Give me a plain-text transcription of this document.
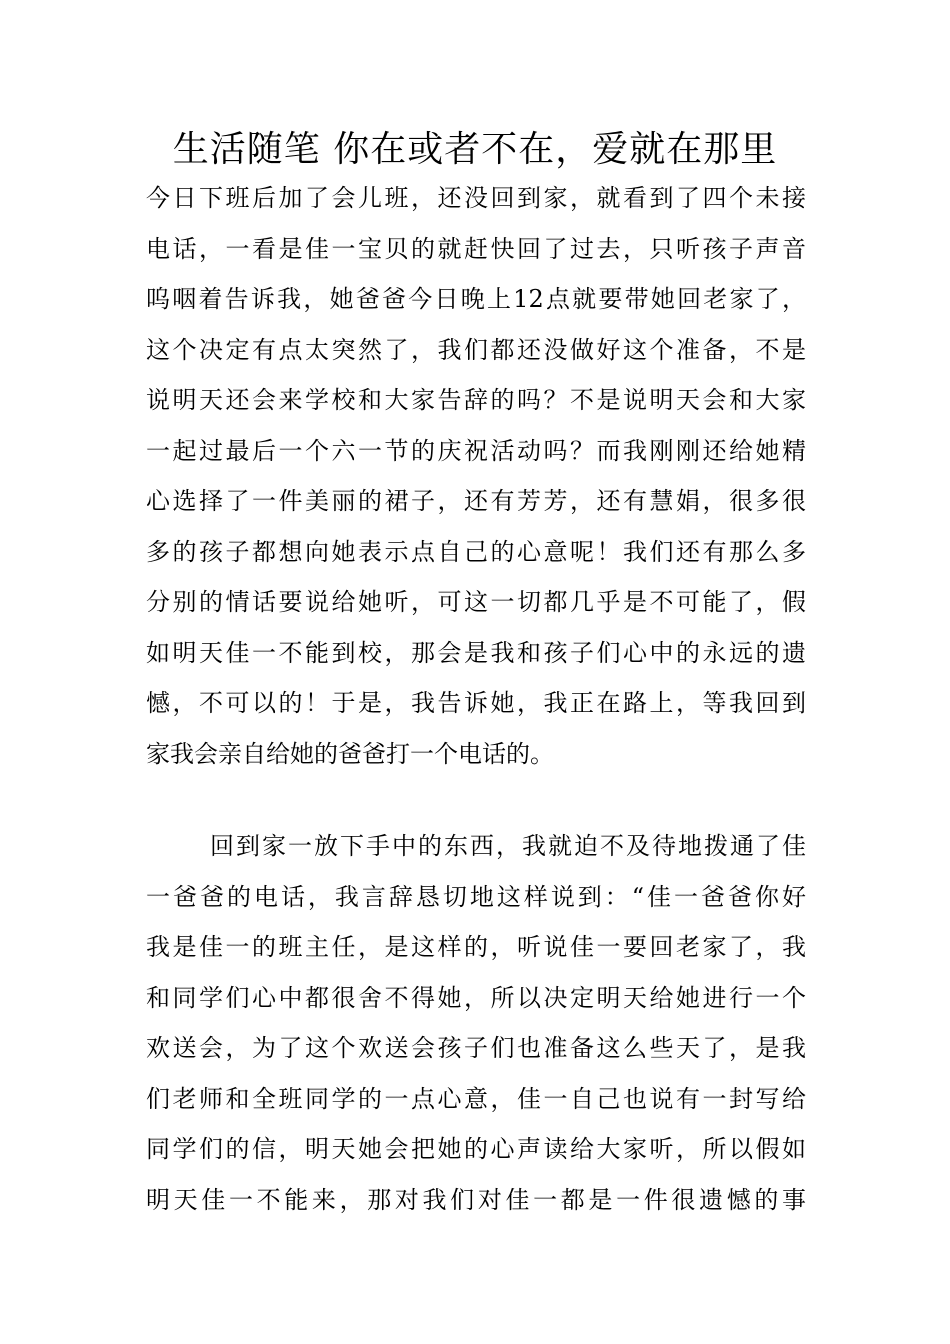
生活随笔 你在或者不在，爱就在那里
今日下班后加了会儿班，还没回到家，就看到了四个未接
电话，一看是佳一宝贝的就赶快回了过去，只听孩子声音
呜咽着告诉我，她爸爸今日晚上12点就要带她回老家了，
这个决定有点太突然了，我们都还没做好这个准备，不是
说明天还会来学校和大家告辞的吗？不是说明天会和大家
一起过最后一个六一节的庆祝活动吗？而我刚刚还给她精
心选择了一件美丽的裙子，还有芳芳，还有慧娟，很多很
多的孩子都想向她表示点自己的心意呢！我们还有那么多
分别的情话要说给她听，可这一切都几乎是不可能了，假
如明天佳一不能到校，那会是我和孩子们心中的永远的遗
憾，不可以的！于是，我告诉她，我正在路上，等我回到
家我会亲自给她的爸爸打一个电话的。
回到家一放下手中的东西，我就迫不及待地拨通了佳
一爸爸的电话，我言辞恳切地这样说到：“佳一爸爸你好
我是佳一的班主任，是这样的，听说佳一要回老家了，我
和同学们心中都很舍不得她，所以决定明天给她进行一个
欢送会，为了这个欢送会孩子们也准备这么些天了，是我
们老师和全班同学的一点心意，佳一自己也说有一封写给
同学们的信，明天她会把她的心声读给大家听，所以假如
明天佳一不能来，那对我们对佳一都是一件很遗憾的事
